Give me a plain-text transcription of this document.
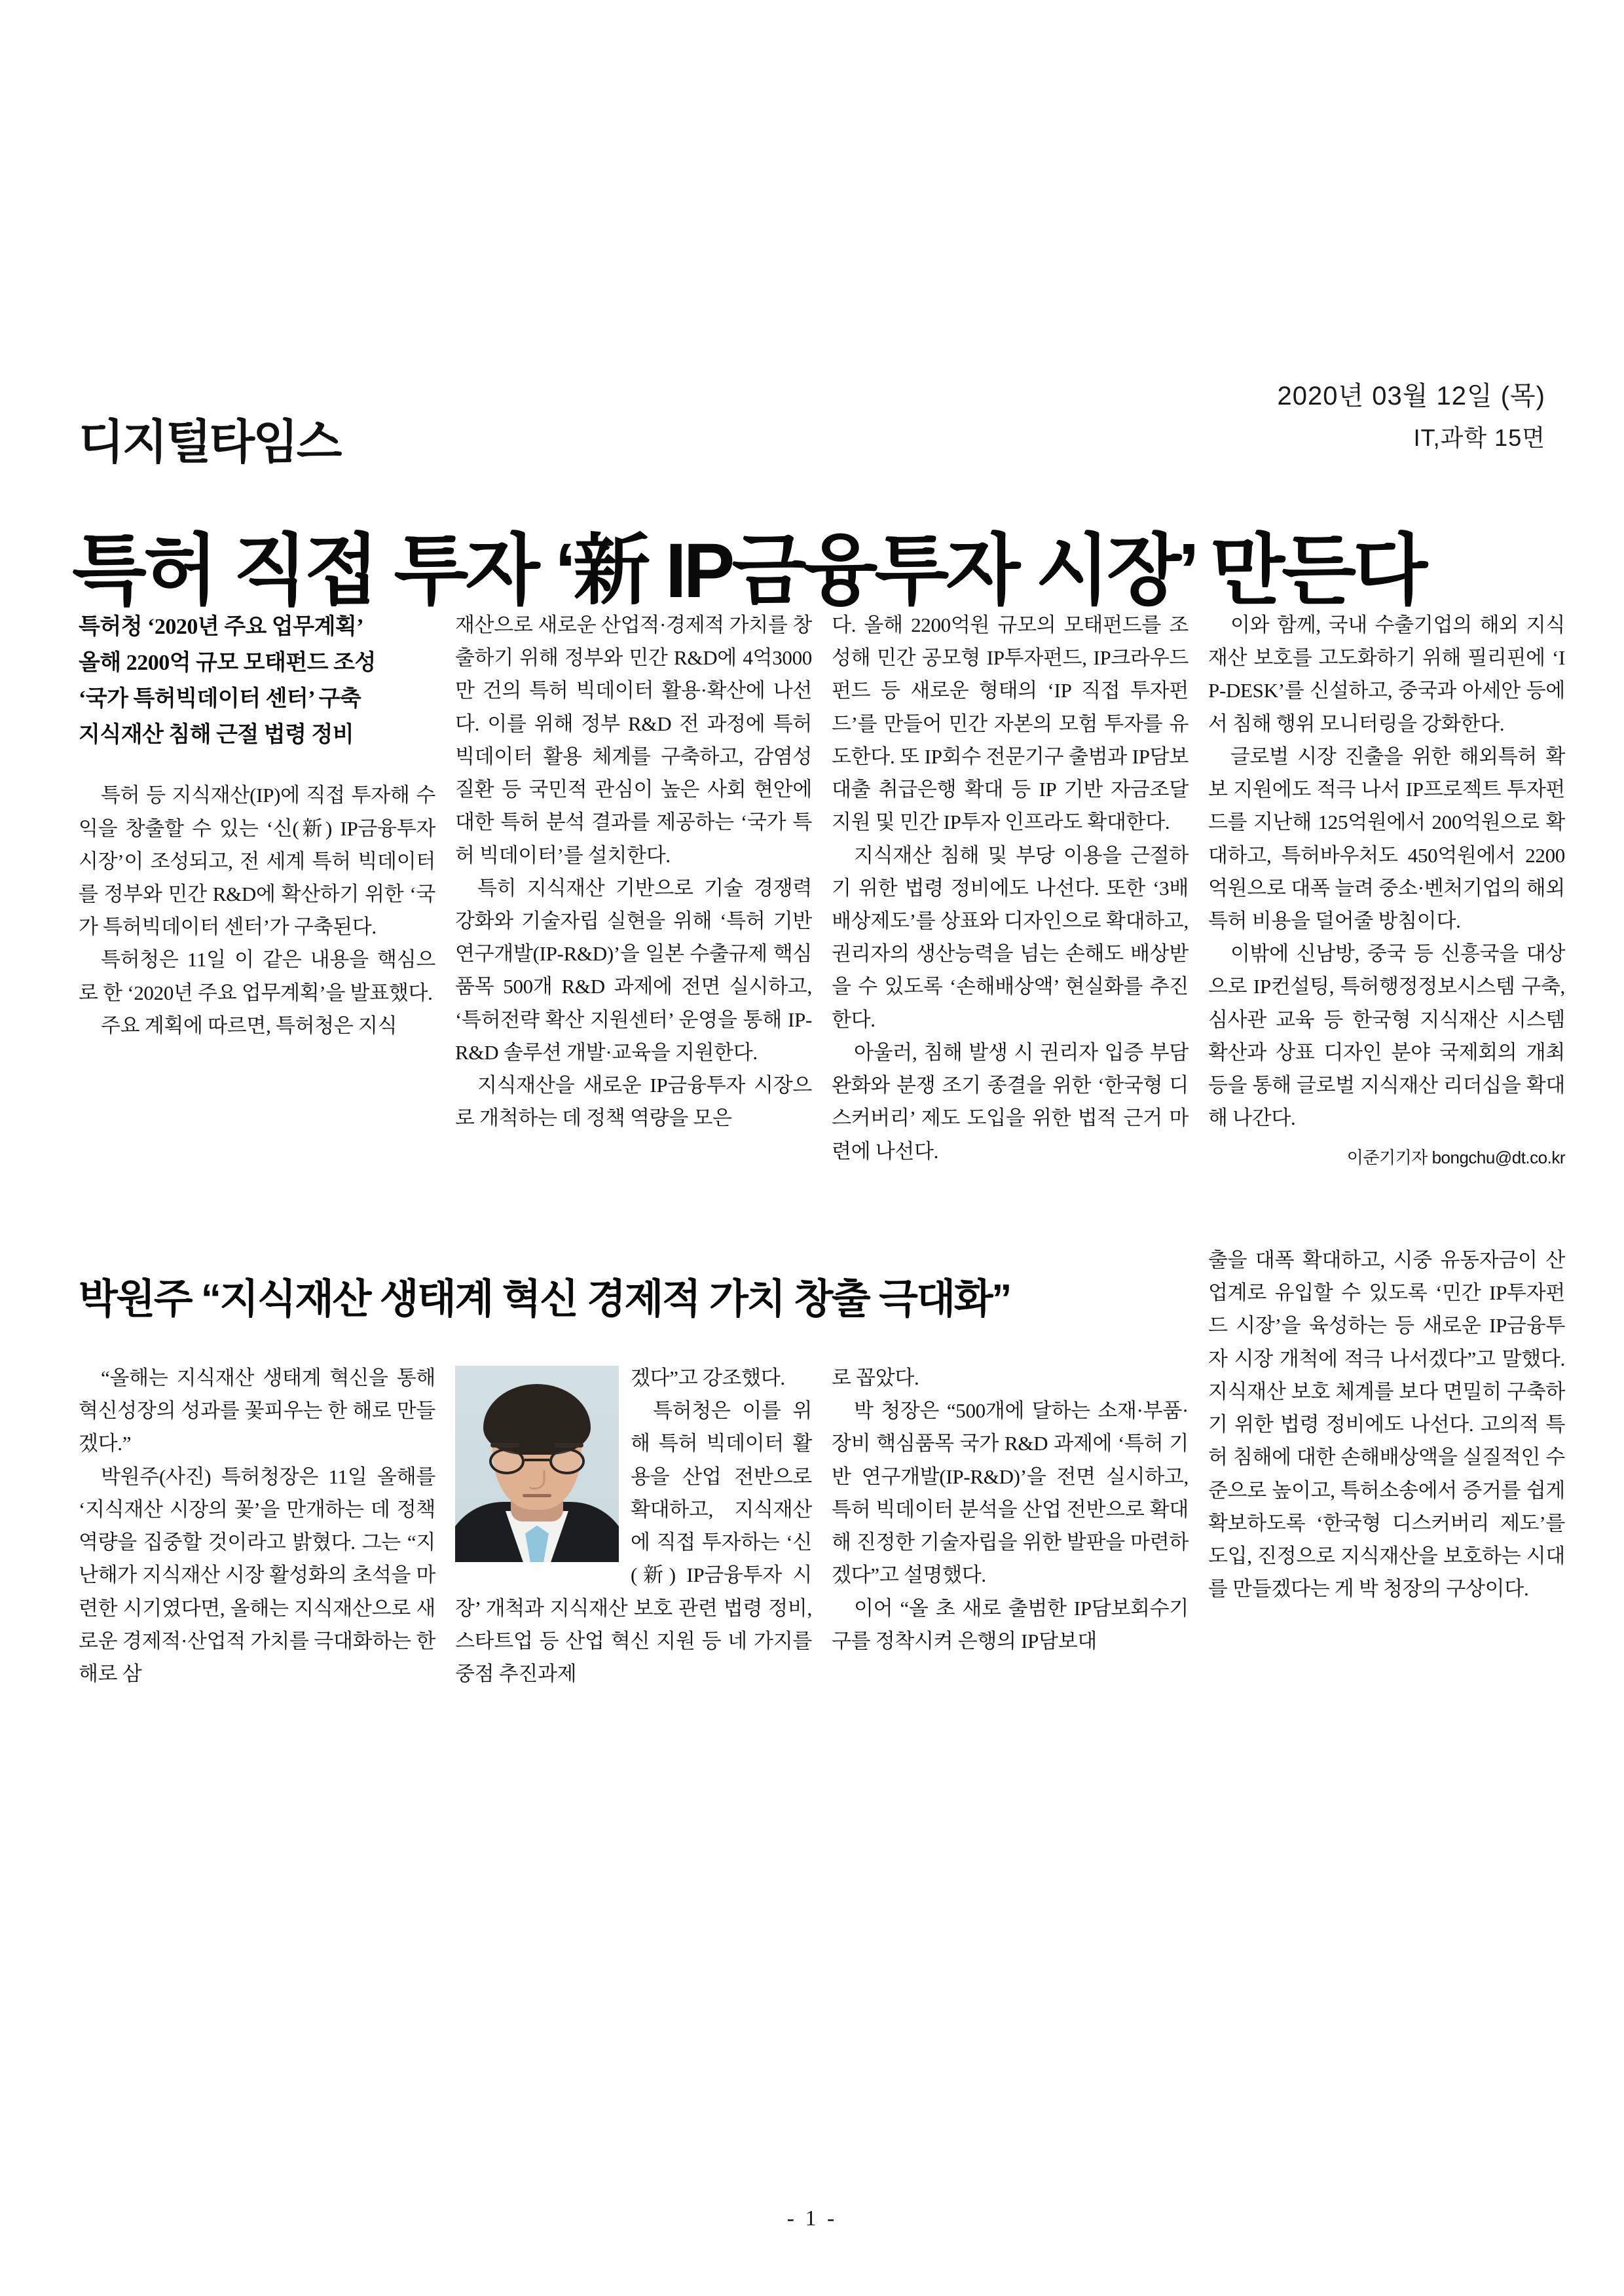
디지털타임스
2020년 03월 12일 (목)
IT,과학 15면
특허 직접 투자 ‘新 IP금융투자 시장’ 만든다
특허청 ‘2020년 주요 업무계획’
올해 2200억 규모 모태펀드 조성
‘국가 특허빅데이터 센터’ 구축
지식재산 침해 근절 법령 정비

특허 등 지식재산(IP)에 직접 투자해 수익을 창출할 수 있는 ‘신(新) IP금융투자 시장’이 조성되고, 전 세계 특허 빅데이터를 정부와 민간 R&D에 확산하기 위한 ‘국가 특허빅데이터 센터’가 구축된다.

특허청은 11일 이 같은 내용을 핵심으로 한 ‘2020년 주요 업무계획’을 발표했다.

주요 계획에 따르면, 특허청은 지식

재산으로 새로운 산업적·경제적 가치를 창출하기 위해 정부와 민간 R&D에 4억3000만 건의 특허 빅데이터 활용·확산에 나선다. 이를 위해 정부 R&D 전 과정에 특허 빅데이터 활용 체계를 구축하고, 감염성 질환 등 국민적 관심이 높은 사회 현안에 대한 특허 분석 결과를 제공하는 ‘국가 특허 빅데이터’를 설치한다.

특히 지식재산 기반으로 기술 경쟁력 강화와 기술자립 실현을 위해 ‘특허 기반 연구개발(IP-R&D)’을 일본 수출규제 핵심품목 500개 R&D 과제에 전면 실시하고, ‘특허전략 확산 지원센터’ 운영을 통해 IP- R&D 솔루션 개발·교육을 지원한다.

지식재산을 새로운 IP금융투자 시장으로 개척하는 데 정책 역량을 모은

다. 올해 2200억원 규모의 모태펀드를 조성해 민간 공모형 IP투자펀드, IP크라우드 펀드 등 새로운 형태의 ‘IP 직접 투자펀드’를 만들어 민간 자본의 모험 투자를 유도한다. 또 IP회수 전문기구 출범과 IP담보대출 취급은행 확대 등 IP 기반 자금조달 지원 및 민간 IP투자 인프라도 확대한다.

지식재산 침해 및 부당 이용을 근절하기 위한 법령 정비에도 나선다. 또한 ‘3배 배상제도’를 상표와 디자인으로 확대하고, 권리자의 생산능력을 넘는 손해도 배상받을 수 있도록 ‘손해배상액’ 현실화를 추진한다.

아울러, 침해 발생 시 권리자 입증 부담 완화와 분쟁 조기 종결을 위한 ‘한국형 디스커버리’ 제도 도입을 위한 법적 근거 마련에 나선다.

이와 함께, 국내 수출기업의 해외 지식재산 보호를 고도화하기 위해 필리핀에 ‘IP-DESK’를 신설하고, 중국과 아세안 등에서 침해 행위 모니터링을 강화한다.

글로벌 시장 진출을 위한 해외특허 확보 지원에도 적극 나서 IP프로젝트 투자펀드를 지난해 125억원에서 200억원으로 확대하고, 특허바우처도 450억원에서 2200억원으로 대폭 늘려 중소·벤처기업의 해외특허 비용을 덜어줄 방침이다.

이밖에 신남방, 중국 등 신흥국을 대상으로 IP컨설팅, 특허행정정보시스템 구축, 심사관 교육 등 한국형 지식재산 시스템 확산과 상표 디자인 분야 국제회의 개최 등을 통해 글로벌 지식재산 리더십을 확대해 나간다.

이준기기자 bongchu@dt.co.kr
박원주 “지식재산 생태계 혁신 경제적 가치 창출 극대화”

출을 대폭 확대하고, 시중 유동자금이 산업계로 유입할 수 있도록 ‘민간 IP투자펀드 시장’을 육성하는 등 새로운 IP금융투자 시장 개척에 적극 나서겠다”고 말했다. 지식재산 보호 체계를 보다 면밀히 구축하기 위한 법령 정비에도 나선다. 고의적 특허 침해에 대한 손해배상액을 실질적인 수준으로 높이고, 특허소송에서 증거를 쉽게 확보하도록 ‘한국형 디스커버리 제도’를 도입, 진정으로 지식재산을 보호하는 시대를 만들겠다는 게 박 청장의 구상이다.

“올해는 지식재산 생태계 혁신을 통해 혁신성장의 성과를 꽃피우는 한 해로 만들겠다.”

박원주(사진) 특허청장은 11일 올해를 ‘지식재산 시장의 꽃’을 만개하는 데 정책 역량을 집중할 것이라고 밝혔다. 그는 “지난해가 지식재산 시장 활성화의 초석을 마련한 시기였다면, 올해는 지식재산으로 새로운 경제적·산업적 가치를 극대화하는 한 해로 삼

겠다”고 강조했다.

특허청은 이를 위해 특허 빅데이터 활용을 산업 전반으로 확대하고, 지식재산에 직접 투자하는 ‘신(新) IP금융투자 시장’ 개척과 지식재산 보호 관련 법령 정비, 스타트업 등 산업 혁신 지원 등 네 가지를 중점 추진과제

로 꼽았다.

박 청장은 “500개에 달하는 소재·부품·장비 핵심품목 국가 R&D 과제에 ‘특허 기반 연구개발(IP-R&D)’을 전면 실시하고, 특허 빅데이터 분석을 산업 전반으로 확대해 진정한 기술자립을 위한 발판을 마련하겠다”고 설명했다.

이어 “올 초 새로 출범한 IP담보회수기구를 정착시켜 은행의 IP담보대

- 1 -
